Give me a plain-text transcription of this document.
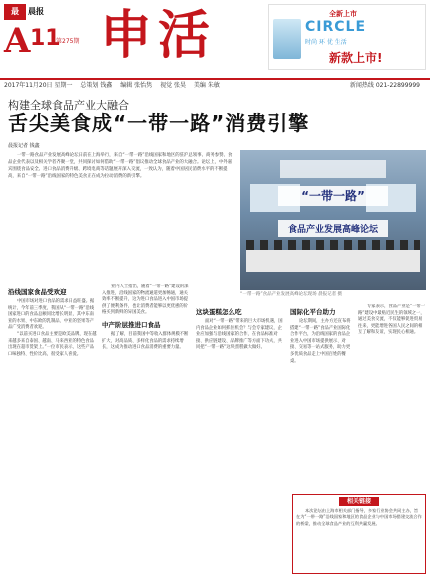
最	晨报
A 11
第275期 申活	全新上市
CIRCLE
时尚 环 优 生活
新款上市!
2017年11月20日 星期一 总策划 钱鑫 编辑 张怡隽 视觉 张昊 美编 朱敏	新闻热线 021-22899999
构建全球食品产业大融合
舌尖美食成“一带一路”消费引擎
晨报记者 钱鑫
一带一路食品产业发展高峰论坛日前在上海举行，来自“一带一路”沿线国家和地区的驻沪总领事、商务参赞、食品企业代表以及相关学者齐聚一堂，共同探讨如何借助“一带一路”倡议推动全球食品产业的大融合。论坛上，中外嘉宾围绕食品安全、进口食品消费升级、跨境电商等话题展开深入交流，一致认为，随着中国居民消费水平的不断提高，来自“一带一路”沿线国家的特色美食正在成为拉动消费的新引擎。
“一带一路”
食品产业发展高峰论坛
“一带一路”食品产业发展高峰论坛现场 晨报记者 摄

沿线国家食品受欢迎

中国市场对进口食品的需求日益旺盛。据统计，今年前三季度，我国从“一带一路”沿线国家进口的食品总额同比增长明显，其中东南亚的水果、中东欧的乳制品、中亚的坚果等产品广受消费者欢迎。

“以前买进口食品主要是欧美品牌，现在越来越多来自泰国、越南、马来西亚的特色食品出现在超市货架上。”一位市民表示，这些产品口味独特、性价比高，很受家人喜爱。

业内人士指出，随着“一带一路”建设的深入推进，沿线国家的物流通道更加畅通，通关效率不断提升，这为进口食品进入中国市场提供了便利条件，也让消费者能够以更优惠的价格买到新鲜的异国美食。

中产阶层推进口食品

据了解，目前我国中等收入群体规模不断扩大，对高品质、多样化食品的需求持续增长，这成为推动进口食品消费的重要力量。

这块蛋糕怎么吃

面对“一带一路”带来的巨大市场机遇，国内食品企业如何抓住机会？与会专家建议，企业应加强与沿线国家的合作，在食品标准对接、供应链建设、品牌推广等方面下功夫，共同把“一带一路”这块蛋糕做大做好。

国际化平台助力

论坛期间，主办方还宣布将搭建“一带一路”食品产业国际化合作平台，为沿线国家的食品企业进入中国市场提供展示、对接、交易等一站式服务，助力更多优质食品走上中国百姓的餐桌。

专家表示，食品产业是“一带一路”建设中最贴近民生的领域之一，通过美食交流，不仅能够促进贸易往来，更能增进各国人民之间的相互了解和友谊，实现民心相通。

相关链接
本次论坛由上海市相关部门指导，多家行业协会共同主办，旨在为“一带一路”沿线国家和地区的食品企业与中国市场搭建交流合作的桥梁，推动全球食品产业的互利共赢发展。
